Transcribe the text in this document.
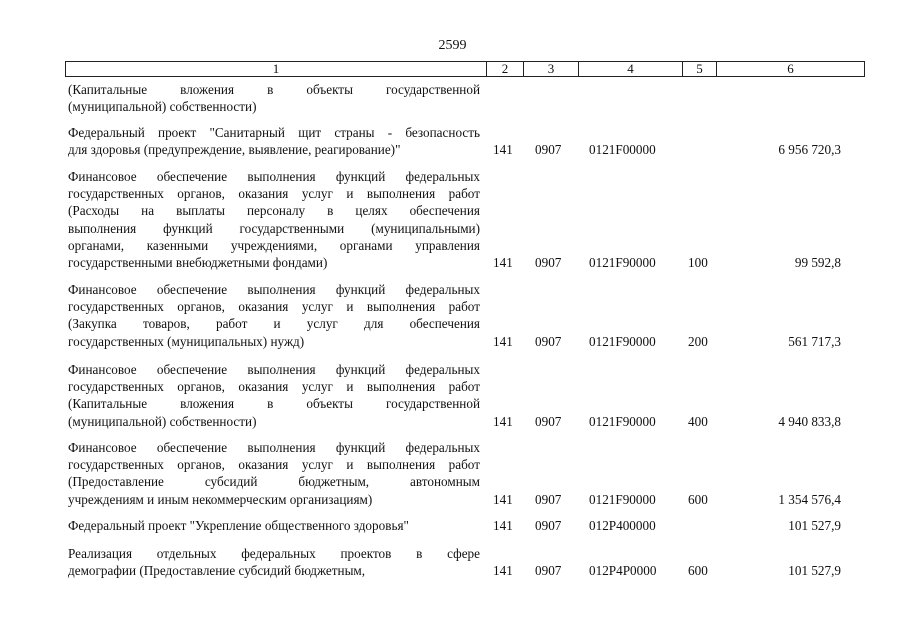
2599
1	2	3	4	5	6
(Капитальные вложения в объекты государственной
(муниципальной) собственности)
Федеральный проект "Санитарный щит страны - безопасность
для здоровья (предупреждение, выявление, реагирование)"	141 0907 0121F00000	6 956 720,3
Финансовое обеспечение выполнения функций федеральных
государственных органов, оказания услуг и выполнения работ
(Расходы на выплаты персоналу в целях обеспечения
выполнения функций государственными (муниципальными)
органами, казенными учреждениями, органами управления
государственными внебюджетными фондами)	141 0907 0121F90000 100	99 592,8
Финансовое обеспечение выполнения функций федеральных
государственных органов, оказания услуг и выполнения работ
(Закупка товаров, работ и услуг для обеспечения
государственных (муниципальных) нужд)	141 0907 0121F90000 200	561 717,3
Финансовое обеспечение выполнения функций федеральных
государственных органов, оказания услуг и выполнения работ
(Капитальные вложения в объекты государственной
(муниципальной) собственности)	141 0907 0121F90000 400	4 940 833,8
Финансовое обеспечение выполнения функций федеральных
государственных органов, оказания услуг и выполнения работ
(Предоставление субсидий бюджетным, автономным
учреждениям и иным некоммерческим организациям)	141 0907 0121F90000 600	1 354 576,4
Федеральный проект "Укрепление общественного здоровья"	141 0907 012P400000	101 527,9
Реализация отдельных федеральных проектов в сфере
демографии (Предоставление субсидий бюджетным,	141 0907 012P4P0000 600	101 527,9
